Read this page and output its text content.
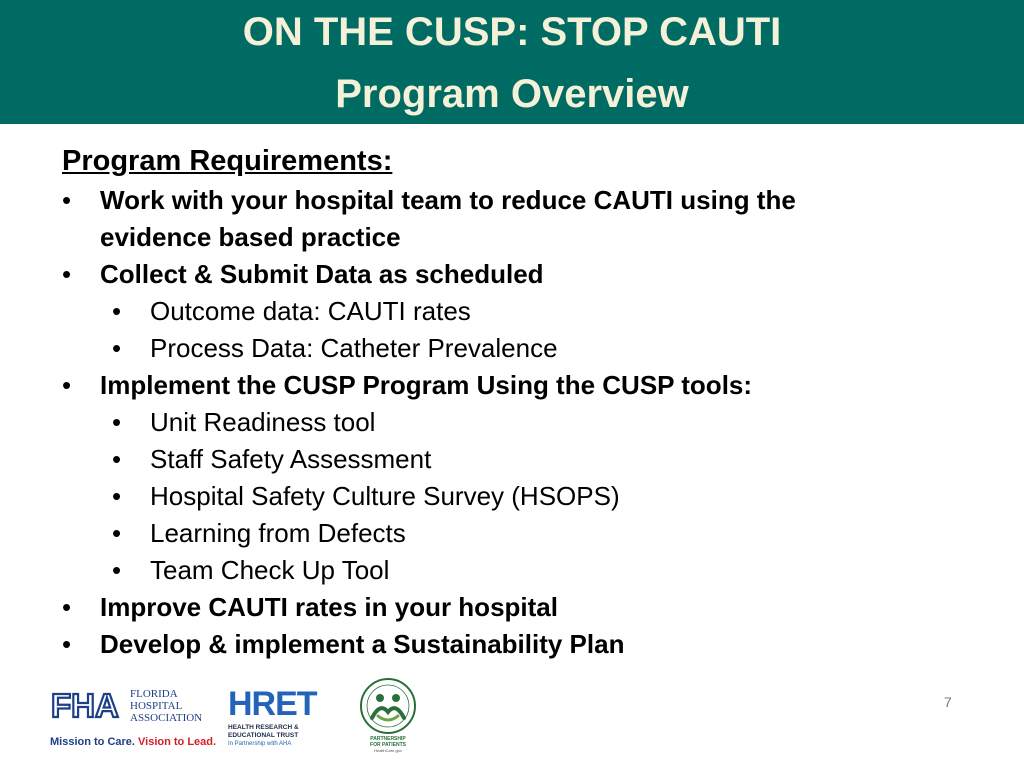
ON THE CUSP: STOP CAUTI
Program Overview
Program Requirements:
• Work with your hospital team to reduce CAUTI using the evidence based practice
• Collect & Submit Data as scheduled
• Outcome data: CAUTI rates
• Process Data: Catheter Prevalence
• Implement the CUSP Program Using the CUSP tools:
• Unit Readiness tool
• Staff Safety Assessment
• Hospital Safety Culture Survey (HSOPS)
• Learning from Defects
• Team Check Up Tool
• Improve CAUTI rates in your hospital
• Develop & implement a Sustainability Plan
FHA FLORIDA
HOSPITAL
ASSOCIATION
Mission to Care. Vision to Lead.
HRET
HEALTH RESEARCH &
EDUCATIONAL TRUST
In Partnership with AHA
PARTNERSHIP
FOR PATIENTS
HealthCare.gov
7
